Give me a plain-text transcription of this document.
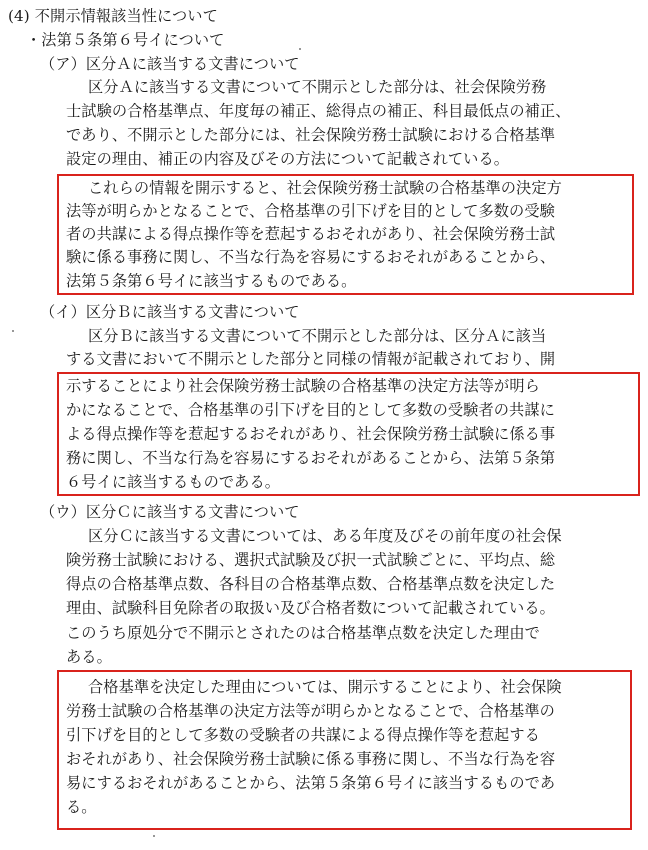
(4) 不開示情報該当性について
・法第５条第６号イについて
（ア）区分Ａに該当する文書について
区分Ａに該当する文書について不開示とした部分は、社会保険労務
士試験の合格基準点、年度毎の補正、総得点の補正、科目最低点の補正、
であり、不開示とした部分には、社会保険労務士試験における合格基準
設定の理由、補正の内容及びその方法について記載されている。
これらの情報を開示すると、社会保険労務士試験の合格基準の決定方
法等が明らかとなることで、合格基準の引下げを目的として多数の受験
者の共謀による得点操作等を惹起するおそれがあり、社会保険労務士試
験に係る事務に関し、不当な行為を容易にするおそれがあることから、
法第５条第６号イに該当するものである。
（イ）区分Ｂに該当する文書について
区分Ｂに該当する文書について不開示とした部分は、区分Ａに該当
する文書において不開示とした部分と同様の情報が記載されており、開
示することにより社会保険労務士試験の合格基準の決定方法等が明ら
かになることで、合格基準の引下げを目的として多数の受験者の共謀に
よる得点操作等を惹起するおそれがあり、社会保険労務士試験に係る事
務に関し、不当な行為を容易にするおそれがあることから、法第５条第
６号イに該当するものである。
（ウ）区分Ｃに該当する文書について
区分Ｃに該当する文書については、ある年度及びその前年度の社会保
険労務士試験における、選択式試験及び択一式試験ごとに、平均点、総
得点の合格基準点数、各科目の合格基準点数、合格基準点数を決定した
理由、試験科目免除者の取扱い及び合格者数について記載されている。
このうち原処分で不開示とされたのは合格基準点数を決定した理由で
ある。
合格基準を決定した理由については、開示することにより、社会保険
労務士試験の合格基準の決定方法等が明らかとなることで、合格基準の
引下げを目的として多数の受験者の共謀による得点操作等を惹起する
おそれがあり、社会保険労務士試験に係る事務に関し、不当な行為を容
易にするおそれがあることから、法第５条第６号イに該当するものであ
る。
